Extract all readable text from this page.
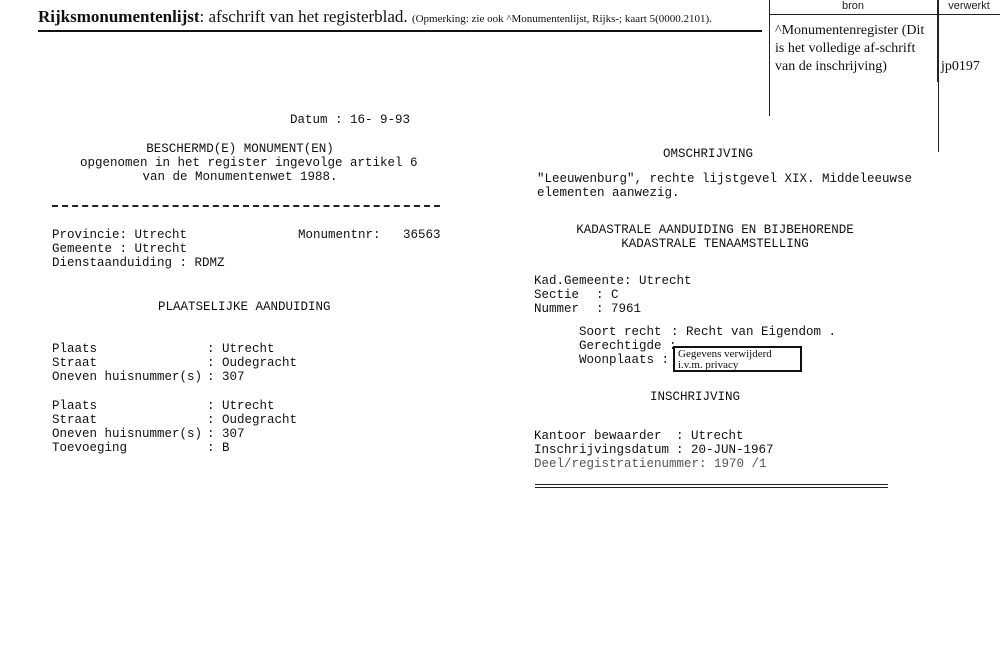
Rijksmonumentenlijst: afschrift van het registerblad. (Opmerking: zie ook ^Monumentenlijst, Rijks-; kaart 5(0000.2101).
bron	verwerkt
^Monumentenregister (Dit is het volledige af-schrift van de inschrijving)	jp0197
Datum : 16- 9-93
BESCHERMD(E) MONUMENT(EN)
opgenomen in het register ingevolge artikel 6
van de Monumentenwet 1988.
Provincie: Utrecht	Monumentnr: 36563
Gemeente : Utrecht
Dienstaanduiding : RDMZ
PLAATSELIJKE AANDUIDING
Plaats	: Utrecht
Straat	: Oudegracht
Oneven huisnummer(s) : 307
Plaats	: Utrecht
Straat	: Oudegracht
Oneven huisnummer(s) : 307
Toevoeging	: B
OMSCHRIJVING
"Leeuwenburg", rechte lijstgevel XIX. Middeleeuwse
elementen aanwezig.
KADASTRALE AANDUIDING EN BIJBEHORENDE
KADASTRALE TENAAMSTELLING
Kad.Gemeente: Utrecht
Sectie : C
Nummer : 7961
Soort recht : Recht van Eigendom .
Gerechtigde :
Woonplaats : Gegevens verwijderd i.v.m. privacy
INSCHRIJVING
Kantoor bewaarder : Utrecht
Inschrijvingsdatum : 20-JUN-1967
Deel/registratienummer: 1970 /1
